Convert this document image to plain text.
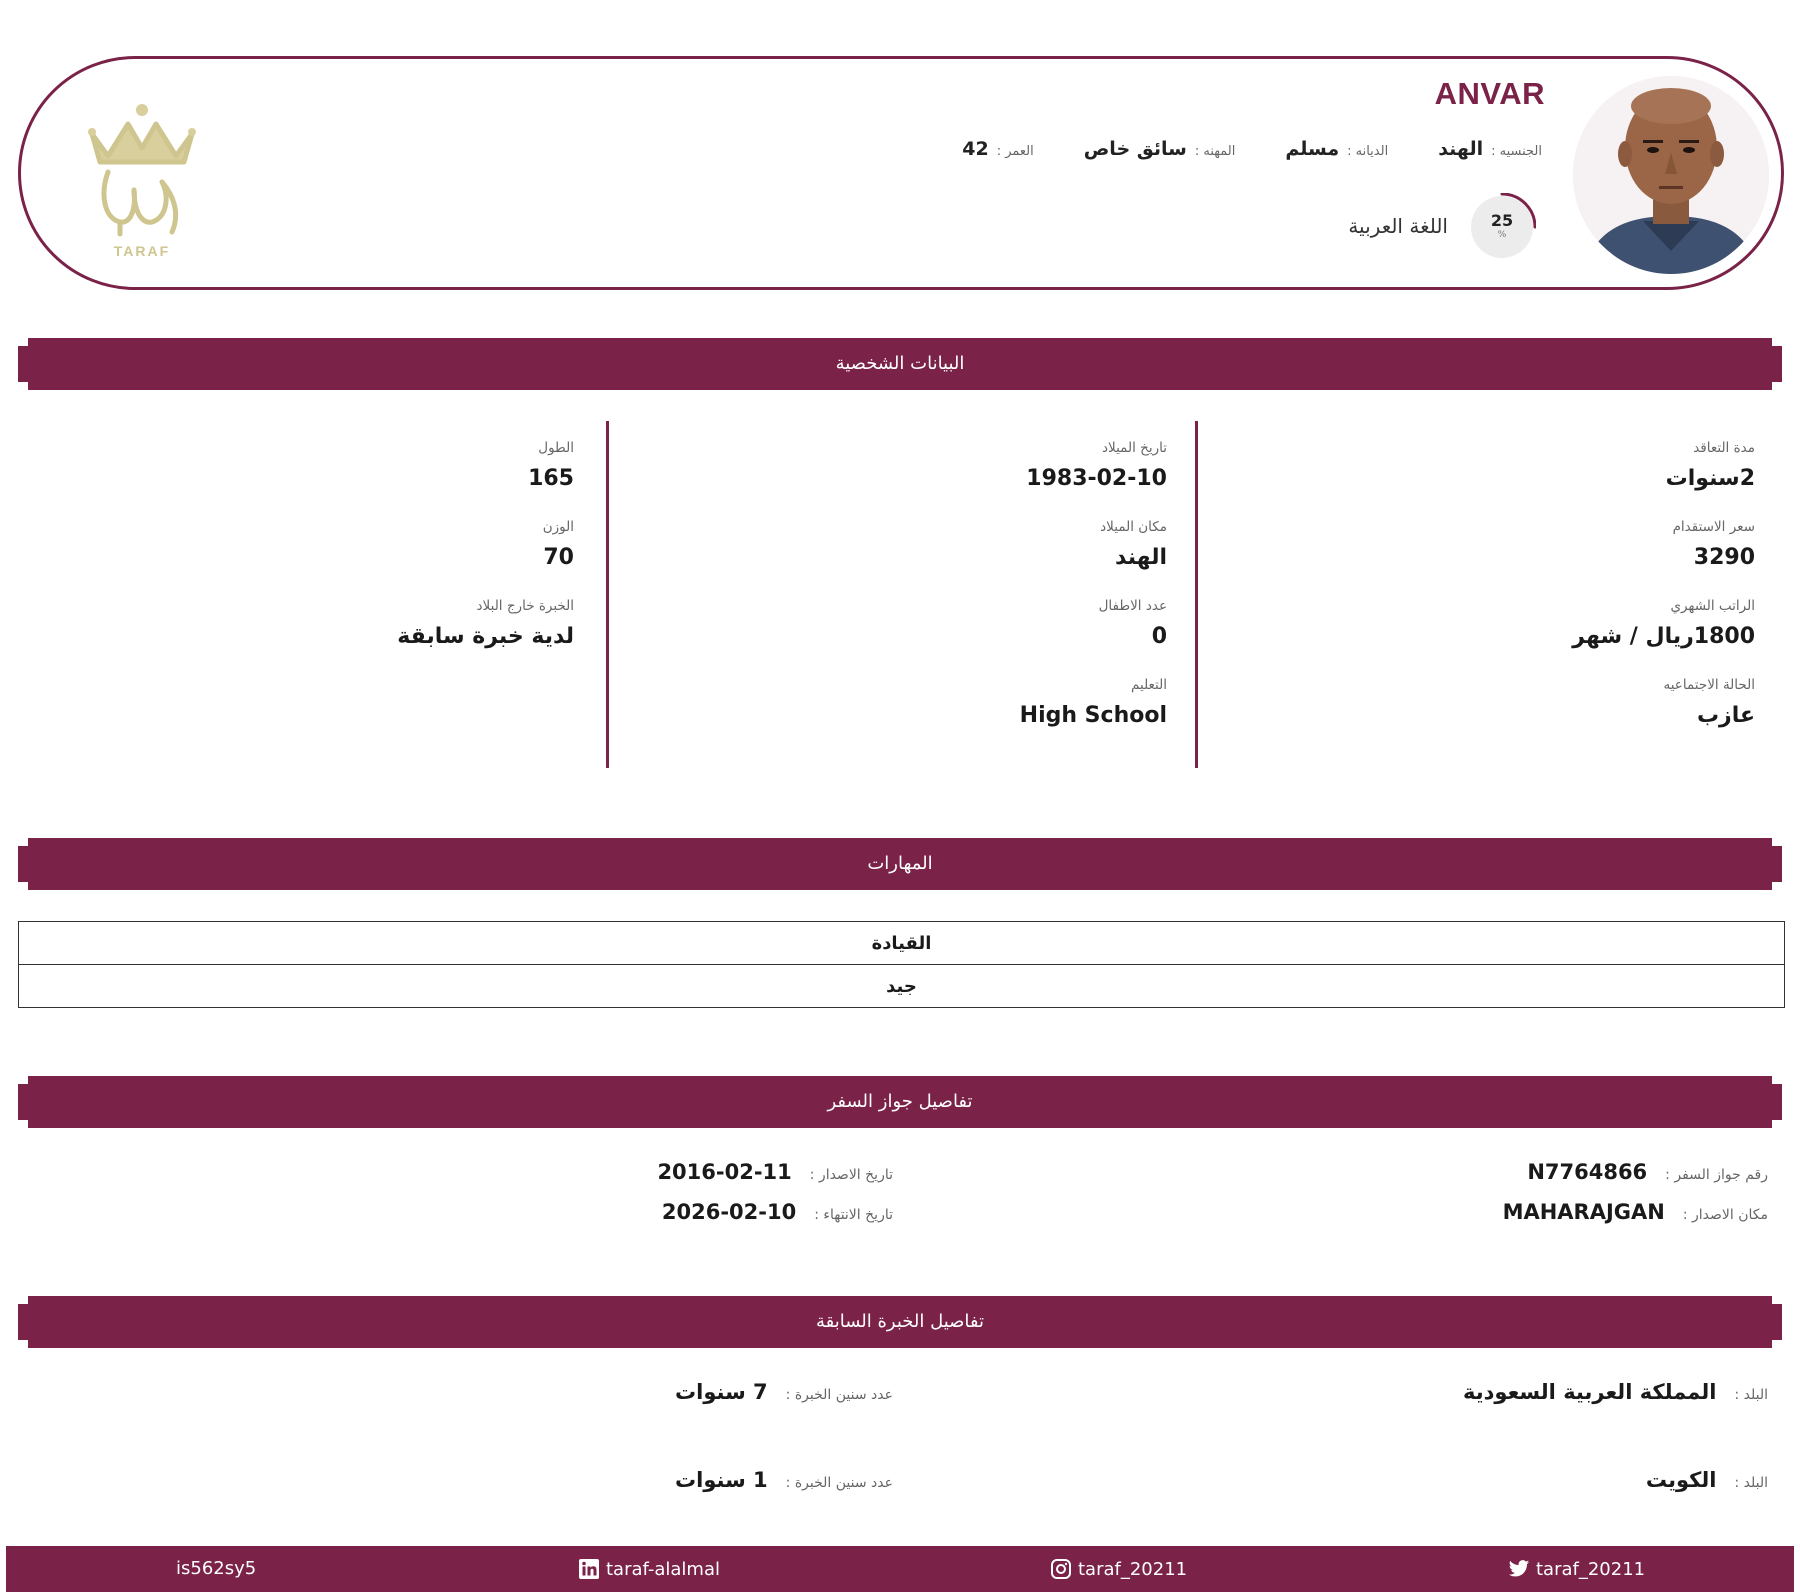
ANVAR
الجنسيه :
الهند
الديانه :
مسلم
المهنه :
سائق خاص
العمر :
42
25
%
اللغة العربية
TARAF
البيانات الشخصية
مدة التعاقد
2سنوات
سعر الاستقدام
3290
الراتب الشهري
1800ريال / شهر
الحالة الاجتماعيه
عازب
تاريخ الميلاد
1983-02-10
مكان الميلاد
الهند
عدد الاطفال
0
التعليم
High School
الطول
165
الوزن
70
الخبرة خارج البلاد
لدية خبرة سابقة
المهارات
القيادة
جيد
تفاصيل جواز السفر
رقم جواز السفر :
N7764866
مكان الاصدار :
MAHARAJGAN
تاريخ الاصدار :
2016-02-11
تاريخ الانتهاء :
2026-02-10
تفاصيل الخبرة السابقة
البلد :
المملكة العربية السعودية
عدد سنين الخبرة :
7 سنوات
البلد :
الكويت
عدد سنين الخبرة :
1 سنوات
is562sy5	taraf-alalmal	taraf_20211	taraf_20211
